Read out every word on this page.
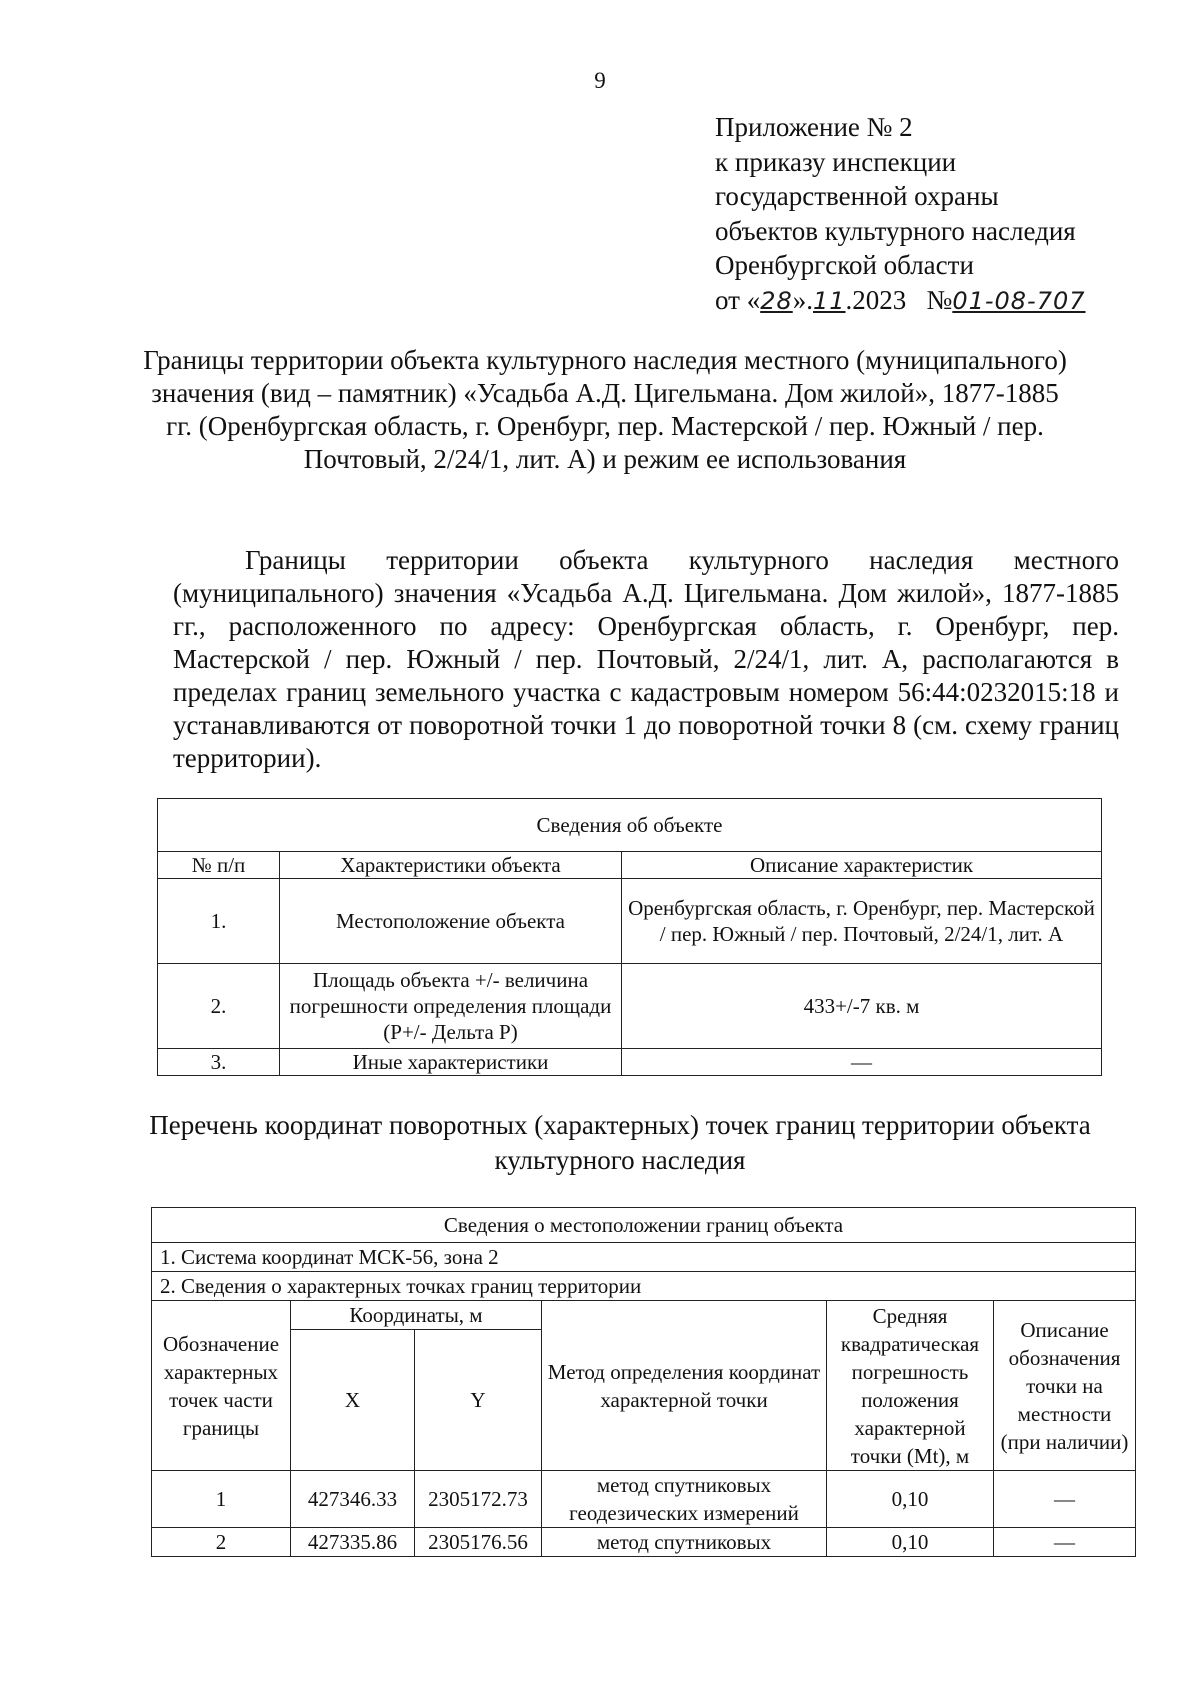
9
Приложение № 2
к приказу инспекции
государственной охраны
объектов культурного наследия
Оренбургской области
от «28».11.2023 №01-08-707
Границы территории объекта культурного наследия местного (муниципального) значения (вид – памятник) «Усадьба А.Д. Цигельмана. Дом жилой», 1877-1885 гг. (Оренбургская область, г. Оренбург, пер. Мастерской / пер. Южный / пер. Почтовый, 2/24/1, лит. А) и режим ее использования
Границы территории объекта культурного наследия местного (муниципального) значения «Усадьба А.Д. Цигельмана. Дом жилой», 1877-1885 гг., расположенного по адресу: Оренбургская область, г. Оренбург, пер. Мастерской / пер. Южный / пер. Почтовый, 2/24/1, лит. А, располагаются в пределах границ земельного участка с кадастровым номером 56:44:0232015:18 и устанавливаются от поворотной точки 1 до поворотной точки 8 (см. схему границ территории).
Сведения об объекте		
№ п/п	Характеристики объекта	Описание характеристик
1.	Местоположение объекта	Оренбургская область, г. Оренбург, пер. Мастерской / пер. Южный / пер. Почтовый, 2/24/1, лит. А
2.	Площадь объекта +/- величина погрешности определения площади (Р+/- Дельта Р)	433+/-7 кв. м
3.	Иные характеристики	—
Перечень координат поворотных (характерных) точек границ территории объекта культурного наследия
Сведения о местоположении границ объекта					
1. Система координат МСК-56, зона 2					
2. Сведения о характерных точках границ территории					
Обозначение характерных точек части границы	Координаты, м		Метод определения координат характерной точки	Средняя квадратическая погрешность положения характерной точки (Mt), м	Описание обозначения точки на местности (при наличии)
	X	Y			
1	427346.33	2305172.73	метод спутниковых геодезических измерений	0,10	—
2	427335.86	2305176.56	метод спутниковых	0,10	—
